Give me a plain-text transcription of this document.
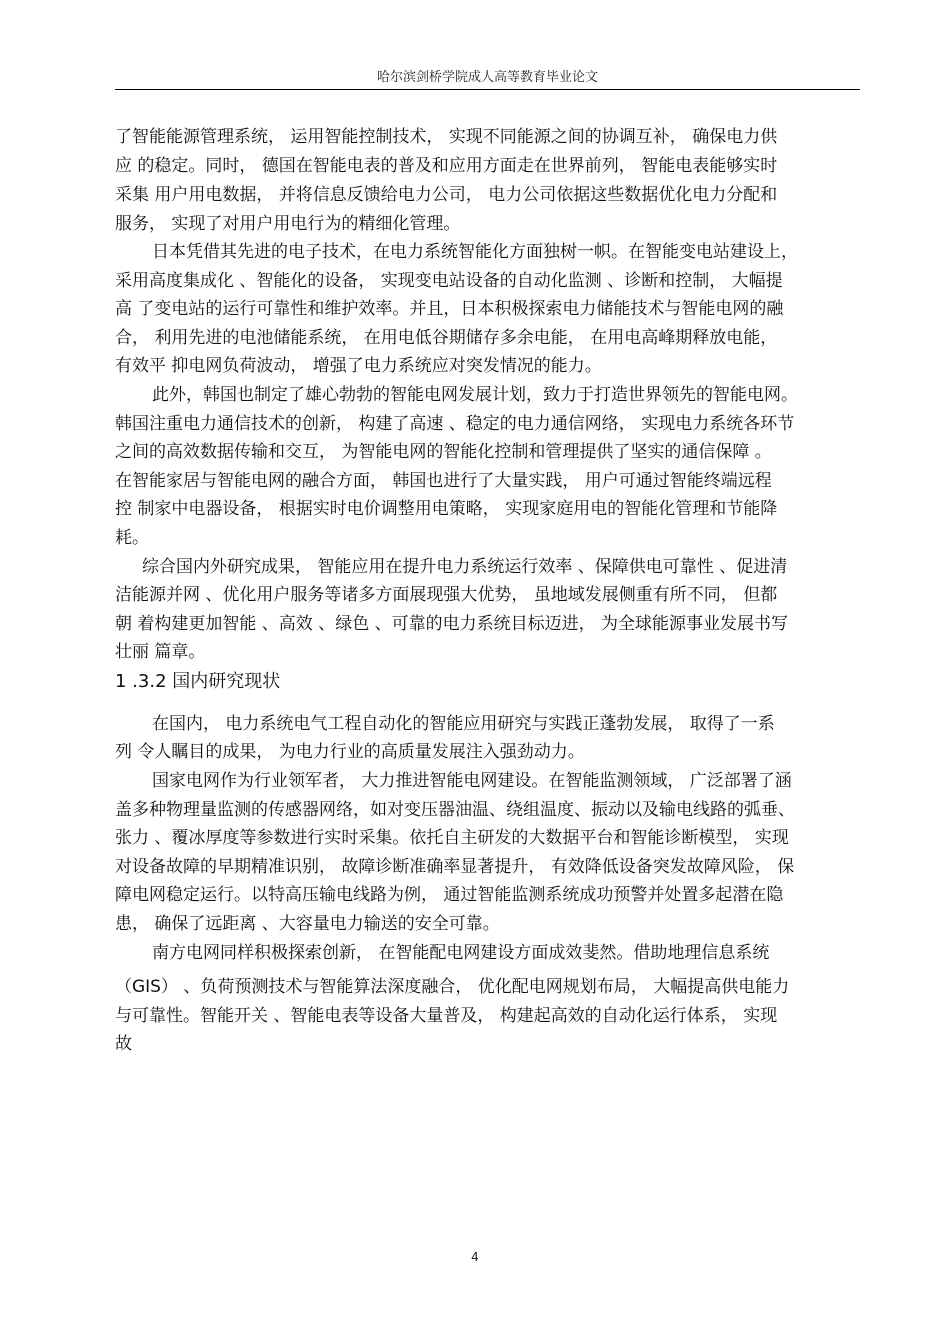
哈尔滨剑桥学院成人高等教育毕业论文
了智能能源管理系统， 运用智能控制技术， 实现不同能源之间的协调互补， 确保电力供
应 的稳定。同时， 德国在智能电表的普及和应用方面走在世界前列， 智能电表能够实时
采集 用户用电数据， 并将信息反馈给电力公司， 电力公司依据这些数据优化电力分配和
服务， 实现了对用户用电行为的精细化管理。
日本凭借其先进的电子技术，在电力系统智能化方面独树一帜。在智能变电站建设上，
采用高度集成化 、智能化的设备， 实现变电站设备的自动化监测 、诊断和控制， 大幅提
高 了变电站的运行可靠性和维护效率。并且，日本积极探索电力储能技术与智能电网的融
合， 利用先进的电池储能系统， 在用电低谷期储存多余电能， 在用电高峰期释放电能，
有效平 抑电网负荷波动， 增强了电力系统应对突发情况的能力。
此外，韩国也制定了雄心勃勃的智能电网发展计划，致力于打造世界领先的智能电网。
韩国注重电力通信技术的创新， 构建了高速 、稳定的电力通信网络， 实现电力系统各环节
之间的高效数据传输和交互， 为智能电网的智能化控制和管理提供了坚实的通信保障 。
在智能家居与智能电网的融合方面， 韩国也进行了大量实践， 用户可通过智能终端远程
控 制家中电器设备， 根据实时电价调整用电策略， 实现家庭用电的智能化管理和节能降
耗。
综合国内外研究成果， 智能应用在提升电力系统运行效率 、保障供电可靠性 、促进清
洁能源并网 、优化用户服务等诸多方面展现强大优势， 虽地域发展侧重有所不同， 但都
朝 着构建更加智能 、高效 、绿色 、可靠的电力系统目标迈进， 为全球能源事业发展书写
壮丽 篇章。
1 .3.2 国内研究现状
在国内， 电力系统电气工程自动化的智能应用研究与实践正蓬勃发展， 取得了一系
列 令人瞩目的成果， 为电力行业的高质量发展注入强劲动力。
国家电网作为行业领军者， 大力推进智能电网建设。在智能监测领域， 广泛部署了涵
盖多种物理量监测的传感器网络，如对变压器油温、绕组温度、振动以及输电线路的弧垂、
张力 、覆冰厚度等参数进行实时采集。依托自主研发的大数据平台和智能诊断模型， 实现
对设备故障的早期精准识别， 故障诊断准确率显著提升， 有效降低设备突发故障风险， 保
障电网稳定运行。以特高压输电线路为例， 通过智能监测系统成功预警并处置多起潜在隐
患， 确保了远距离 、大容量电力输送的安全可靠。
南方电网同样积极探索创新， 在智能配电网建设方面成效斐然。借助地理信息系统
（GIS） 、负荷预测技术与智能算法深度融合， 优化配电网规划布局， 大幅提高供电能力
与可靠性。智能开关 、智能电表等设备大量普及， 构建起高效的自动化运行体系， 实现
故
4
